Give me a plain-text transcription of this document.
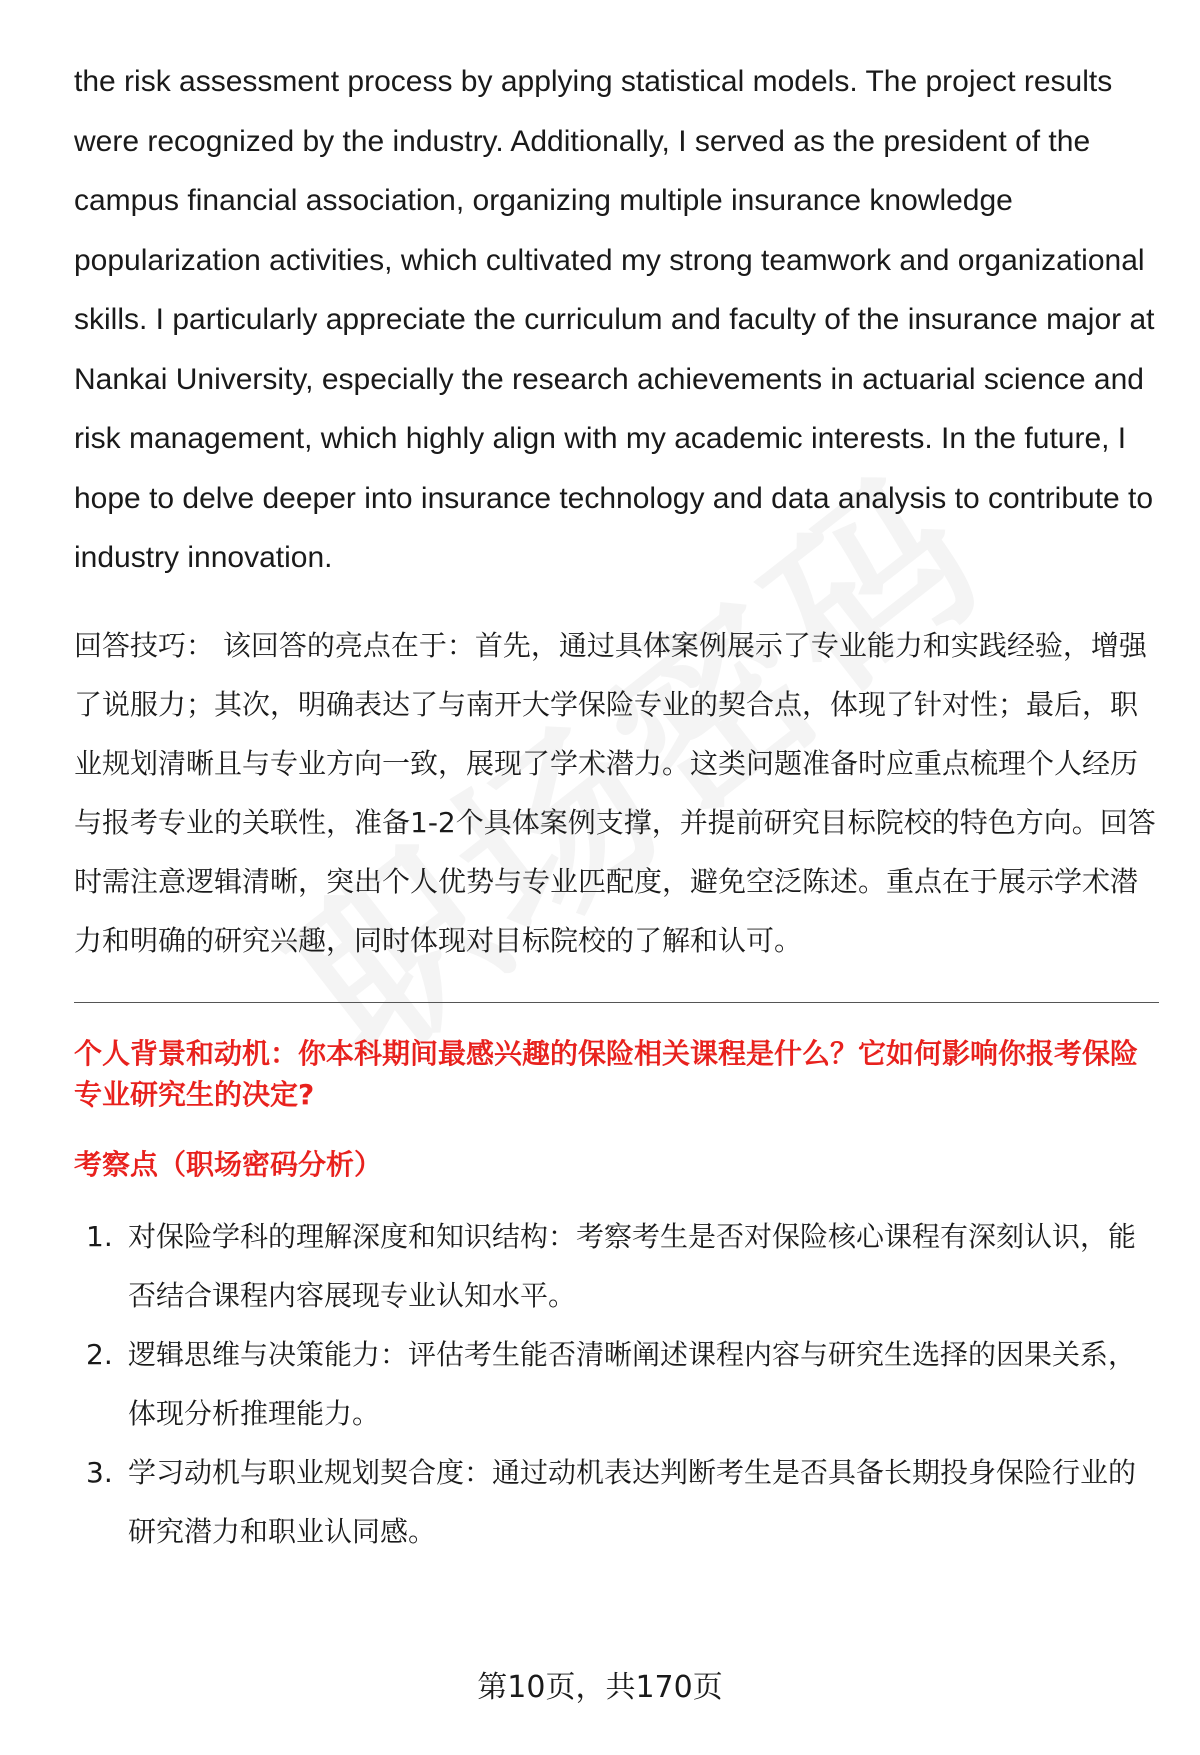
the risk assessment process by applying statistical models. The project results were recognized by the industry. Additionally, I served as the president of the campus financial association, organizing multiple insurance knowledge popularization activities, which cultivated my strong teamwork and organizational skills. I particularly appreciate the curriculum and faculty of the insurance major at Nankai University, especially the research achievements in actuarial science and risk management, which highly align with my academic interests. In the future, I hope to delve deeper into insurance technology and data analysis to contribute to industry innovation.

回答技巧： 该回答的亮点在于：首先，通过具体案例展示了专业能力和实践经验，增强了说服力；其次，明确表达了与南开大学保险专业的契合点，体现了针对性；最后，职业规划清晰且与专业方向一致，展现了学术潜力。这类问题准备时应重点梳理个人经历与报考专业的关联性，准备1-2个具体案例支撑，并提前研究目标院校的特色方向。回答时需注意逻辑清晰，突出个人优势与专业匹配度，避免空泛陈述。重点在于展示学术潜力和明确的研究兴趣，同时体现对目标院校的了解和认可。

个人背景和动机：你本科期间最感兴趣的保险相关课程是什么？它如何影响你报考保险专业研究生的决定?
考察点（职场密码分析）
1. 对保险学科的理解深度和知识结构：考察考生是否对保险核心课程有深刻认识，能否结合课程内容展现专业认知水平。
2. 逻辑思维与决策能力：评估考生能否清晰阐述课程内容与研究生选择的因果关系，体现分析推理能力。
3. 学习动机与职业规划契合度：通过动机表达判断考生是否具备长期投身保险行业的研究潜力和职业认同感。
第10页，共170页
